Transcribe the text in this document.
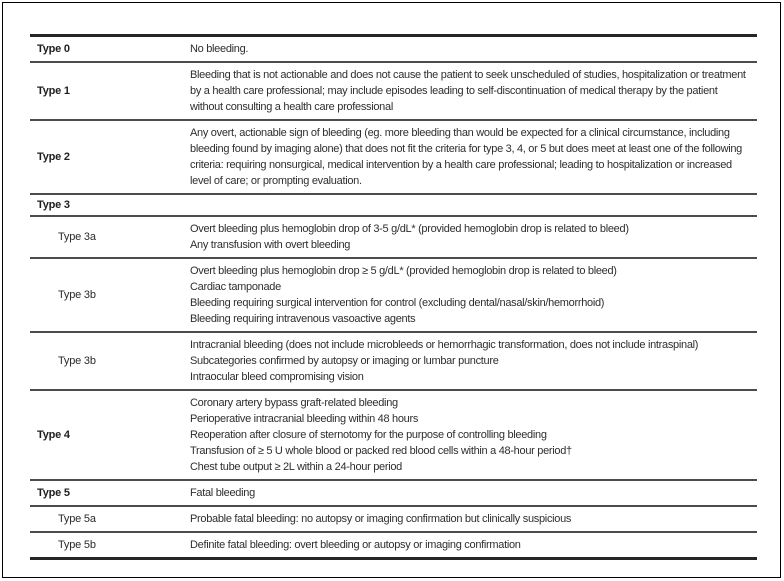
Type 0	No bleeding.

Type 1	Bleeding that is not actionable and does not cause the patient to seek unscheduled of studies, hospitalization or treatment by a health care professional; may include episodes leading to self-discontinuation of medical therapy by the patient without consulting a health care professional

Type 2	Any overt, actionable sign of bleeding (eg. more bleeding than would be expected for a clinical circumstance, including bleeding found by imaging alone) that does not fit the criteria for type 3, 4, or 5 but does meet at least one of the following criteria: requiring nonsurgical, medical intervention by a health care professional; leading to hospitalization or increased level of care; or prompting evaluation.

Type 3	
Type 3a	Overt bleeding plus hemoglobin drop of 3-5 g/dL* (provided hemoglobin drop is related to bleed)
Any transfusion with overt bleeding

Type 3b	Overt bleeding plus hemoglobin drop ≥ 5 g/dL* (provided hemoglobin drop is related to bleed)
Cardiac tamponade
Bleeding requiring surgical intervention for control (excluding dental/nasal/skin/hemorrhoid)
Bleeding requiring intravenous vasoactive agents

Type 3b	Intracranial bleeding (does not include microbleeds or hemorrhagic transformation, does not include intraspinal)
Subcategories confirmed by autopsy or imaging or lumbar puncture
Intraocular bleed compromising vision

Type 4	Coronary artery bypass graft-related bleeding
Perioperative intracranial bleeding within 48 hours
Reoperation after closure of sternotomy for the purpose of controlling bleeding
Transfusion of ≥ 5 U whole blood or packed red blood cells within a 48-hour period†
Chest tube output ≥ 2L within a 24-hour period

Type 5	Fatal bleeding

Type 5a	Probable fatal bleeding: no autopsy or imaging confirmation but clinically suspicious

Type 5b	Definite fatal bleeding: overt bleeding or autopsy or imaging confirmation
